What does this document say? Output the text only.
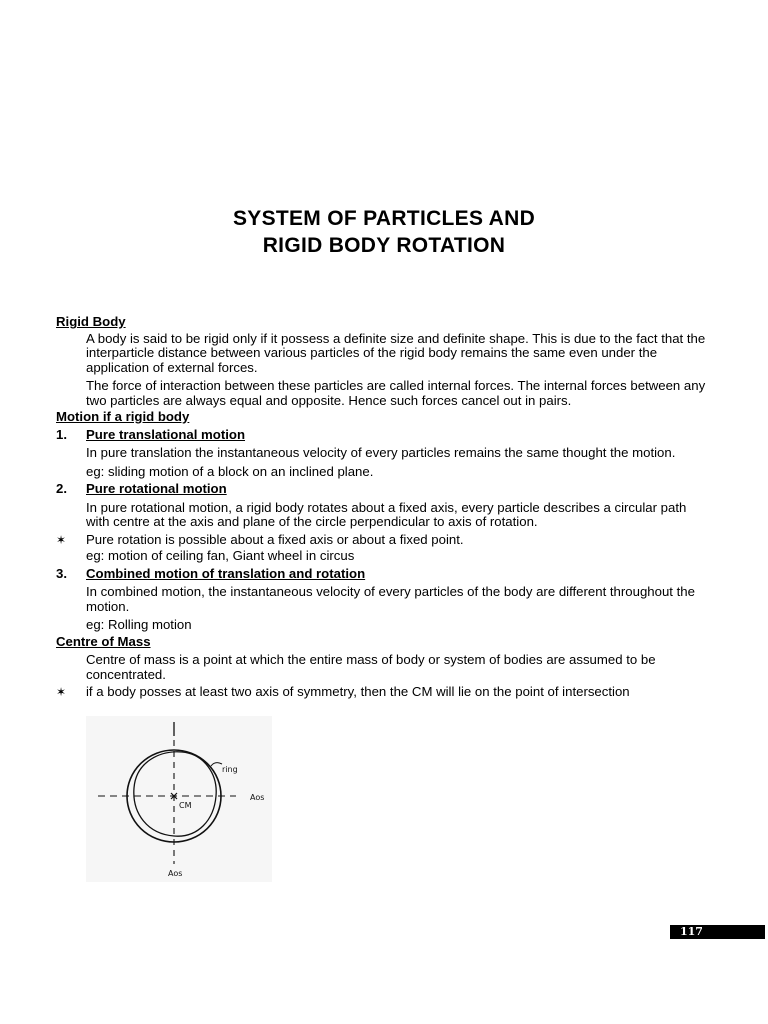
SYSTEM OF PARTICLES AND
RIGID BODY ROTATION
Rigid Body
A body is said to be rigid only if it possess a definite size and definite shape. This is due to the fact that the interparticle distance between various particles of the rigid body remains the same even under the application of external forces.
The force of interaction between these particles are called internal forces. The internal forces between any two particles are always equal and opposite. Hence such forces cancel out in pairs.
Motion if a rigid body
1.	Pure translational motion
In pure translation the instantaneous velocity of every particles remains the same thought the motion.
eg: sliding motion of a block on an inclined plane.
2.	Pure rotational motion
In pure rotational motion, a rigid body rotates about a fixed axis, every particle describes a circular path with centre at the axis and plane of the circle perpendicular to axis of rotation.
✶	Pure rotation is possible about a fixed axis or about a fixed point.
eg: motion of ceiling fan, Giant wheel in circus
3.	Combined motion of translation and rotation
In combined motion, the instantaneous velocity of every particles of the body are different throughout the motion.
eg: Rolling motion
Centre of Mass
Centre of mass is a point at which the entire mass of body or system of bodies are assumed to be concentrated.
✶	if a body posses at least two axis of symmetry, then the CM will lie on the point of intersection
ring
CM
Aos
Aos
117
